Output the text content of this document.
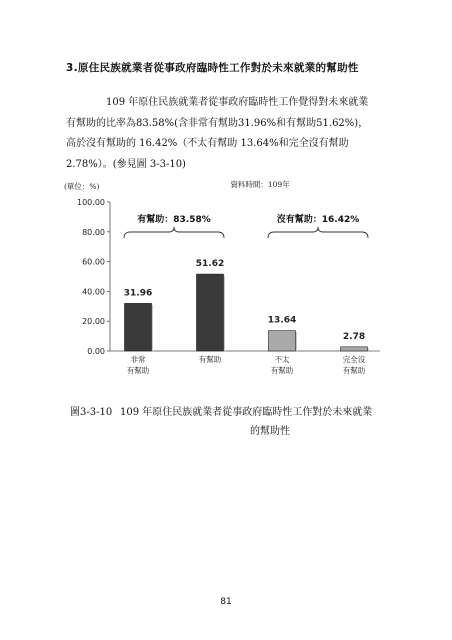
3.原住民族就業者從事政府臨時性工作對於未來就業的幫助性
109 年原住民族就業者從事政府臨時性工作覺得對未來就業
有幫助的比率為83.58%(含非常有幫助31.96%和有幫助51.62%)，
高於沒有幫助的 16.42%（不太有幫助 13.64%和完全沒有幫助
2.78%）。(參見圖 3-3-10)
(單位：%)	資料時間：109年
0.00
20.00
40.00
60.00
80.00
100.00
31.96
非常
有幫助
51.62
有幫助
13.64
不太
有幫助
2.78
完全沒
有幫助
有幫助：83.58%	沒有幫助：16.42%
圖3-3-10 109 年原住民族就業者從事政府臨時性工作對於未來就業
的幫助性
81
